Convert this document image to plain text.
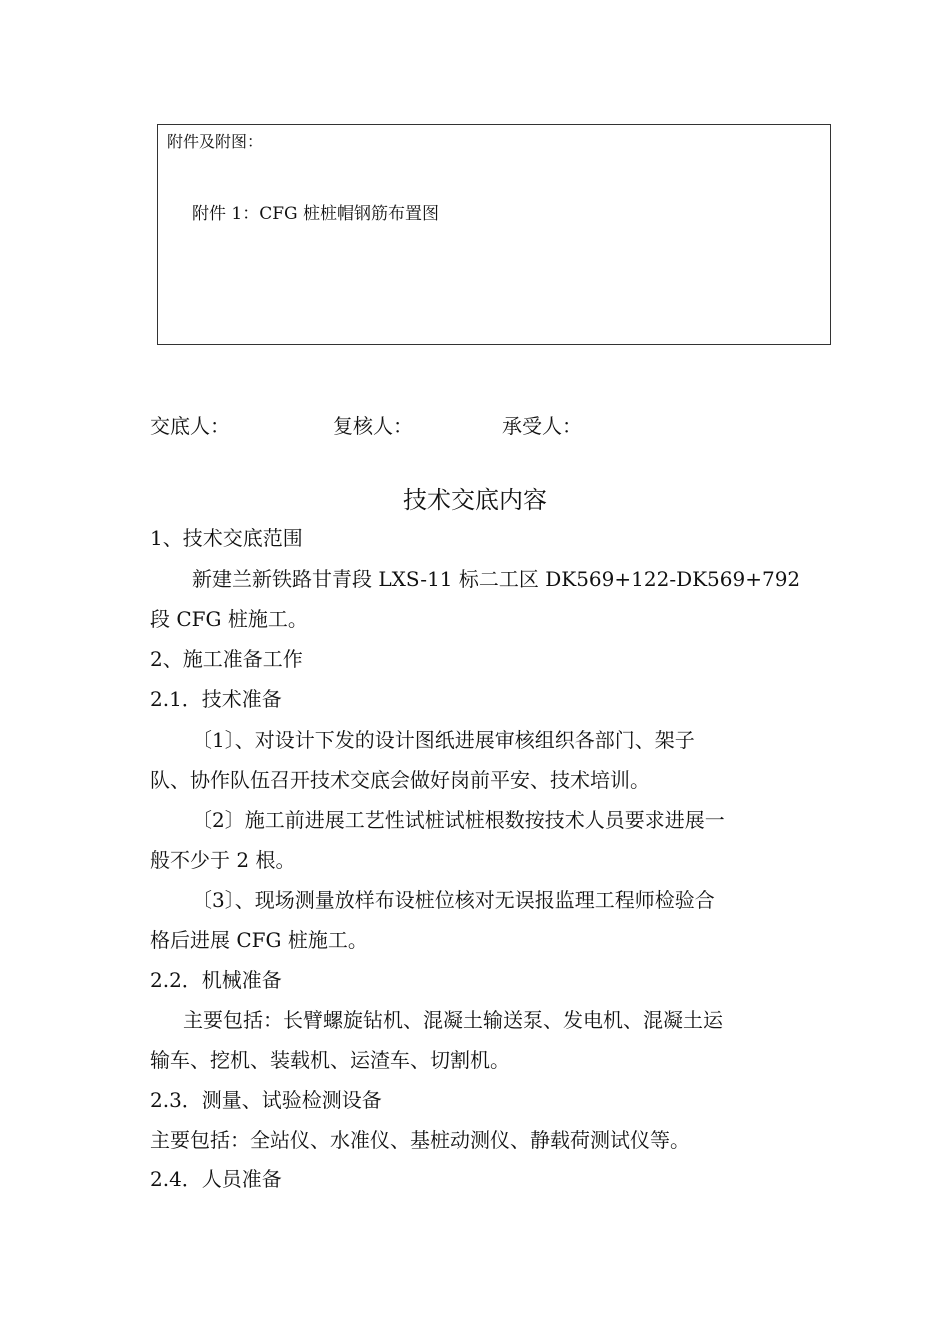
附件及附图：
附件 1：CFG 桩桩帽钢筋布置图
交底人：	复核人：	承受人：
技术交底内容
1、技术交底范围
新建兰新铁路甘青段 LXS-11 标二工区 DK569+122-DK569+792
段 CFG 桩施工。
2、施工准备工作
2.1．技术准备
〔1〕、对设计下发的设计图纸进展审核组织各部门、架子
队、协作队伍召开技术交底会做好岗前平安、技术培训。
〔2〕施工前进展工艺性试桩试桩根数按技术人员要求进展一
般不少于 2 根。
〔3〕、现场测量放样布设桩位核对无误报监理工程师检验合
格后进展 CFG 桩施工。
2.2．机械准备
主要包括：长臂螺旋钻机、混凝土输送泵、发电机、混凝土运
输车、挖机、装载机、运渣车、切割机。
2.3．测量、试验检测设备
主要包括：全站仪、水准仪、基桩动测仪、静载荷测试仪等。
2.4．人员准备
